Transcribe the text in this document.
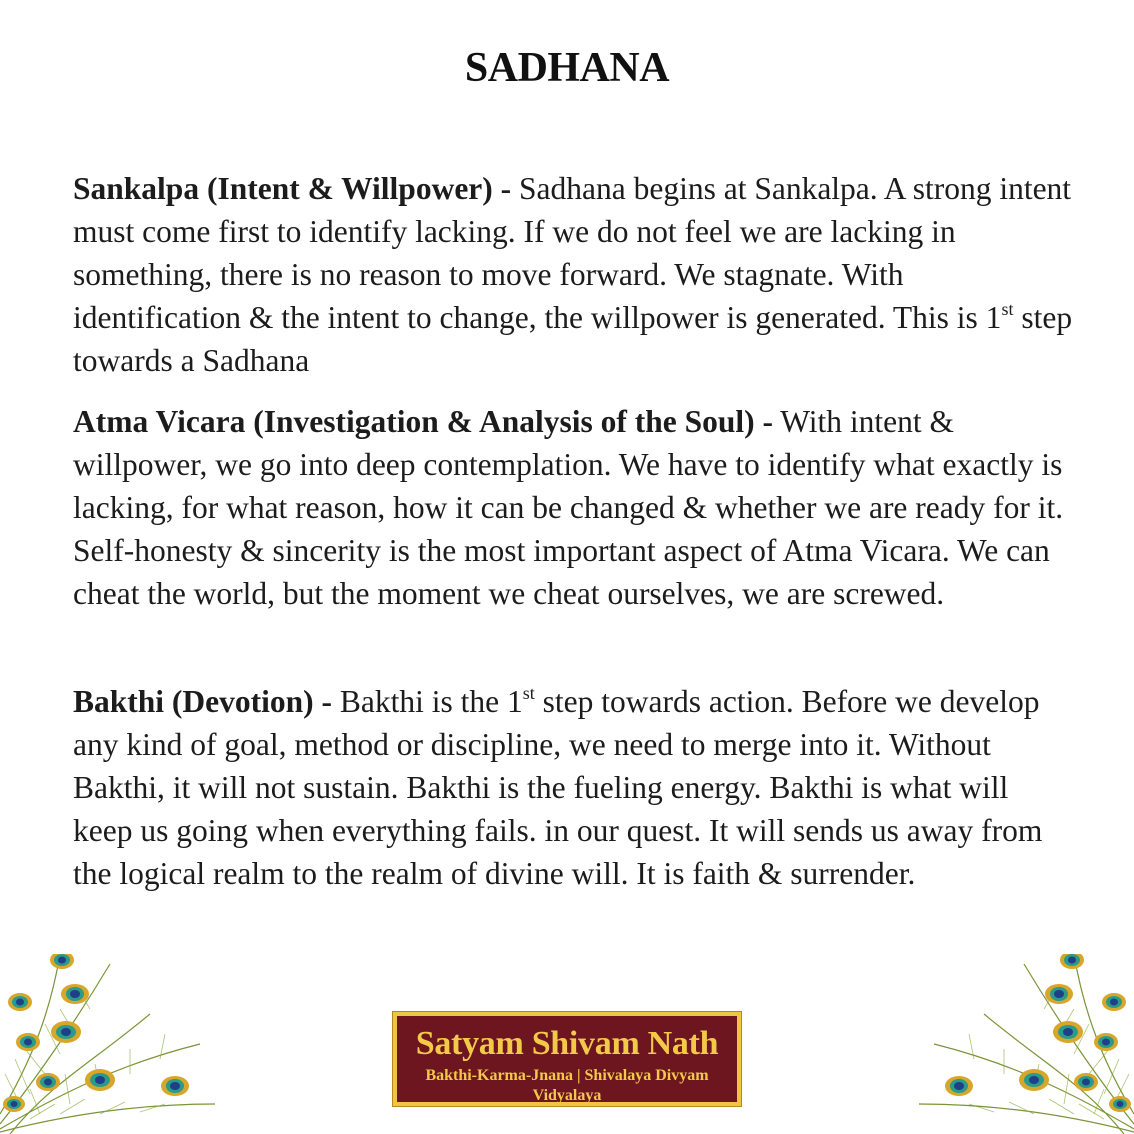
SADHANA
Sankalpa (Intent & Willpower) - Sadhana begins at Sankalpa. A strong intent must come first to identify lacking. If we do not feel we are lacking in something, there is no reason to move forward. We stagnate. With identification & the intent to change, the willpower is generated. This is 1st step towards a Sadhana
Atma Vicara (Investigation & Analysis of the Soul) - With intent & willpower, we go into deep contemplation. We have to identify what exactly is lacking, for what reason, how it can be changed & whether we are ready for it. Self-honesty & sincerity is the most important aspect of Atma Vicara. We can cheat the world, but the moment we cheat ourselves, we are screwed.
Bakthi (Devotion) - Bakthi is the 1st step towards action. Before we develop any kind of goal, method or discipline, we need to merge into it. Without Bakthi, it will not sustain. Bakthi is the fueling energy. Bakthi is what will keep us going when everything fails. in our quest. It will sends us away from the logical realm to the realm of divine will. It is faith & surrender.
Satyam Shivam Nath
Bakthi-Karma-Jnana | Shivalaya Divyam Vidyalaya
